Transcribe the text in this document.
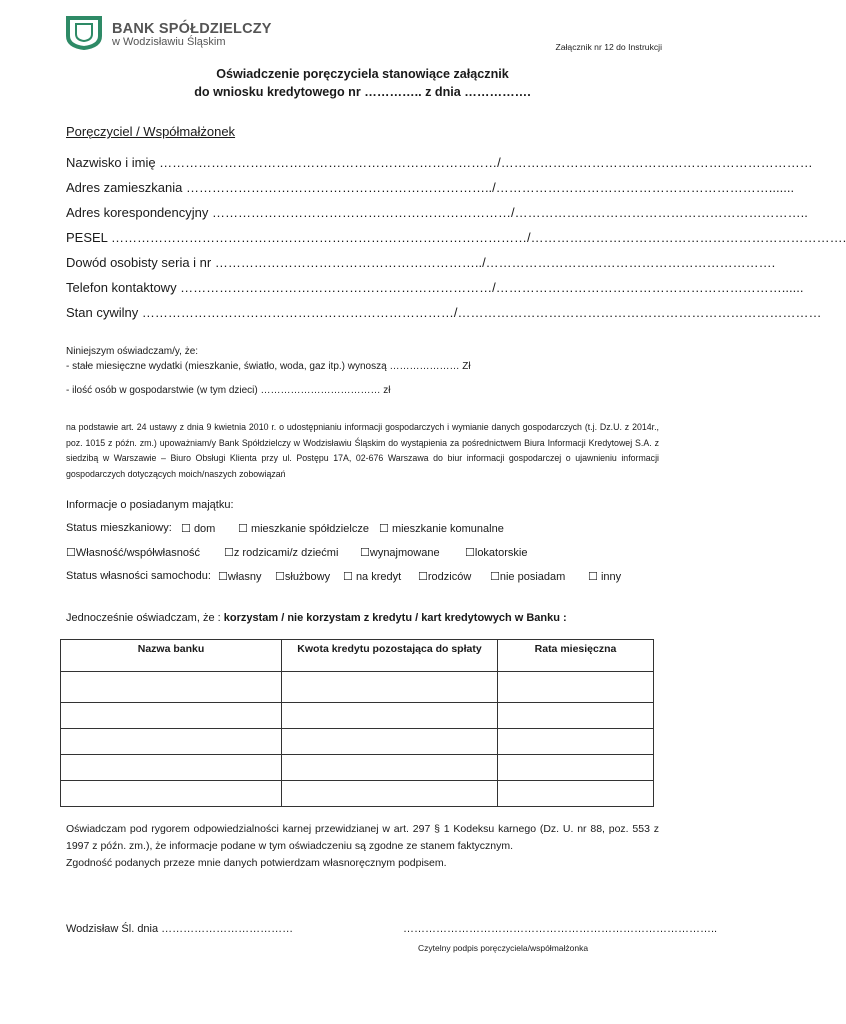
BANK SPÓŁDZIELCZY
w Wodzisławiu Śląskim	Załącznik nr 12 do Instrukcji
Oświadczenie poręczyciela stanowiące załącznik
do wniosku kredytowego nr ………….. z dnia …………….
Poręczyciel / Współmałżonek
Nazwisko i imię ……………………………………………………………………/………………………………………………………………
Adres zamieszkania ……………………………………………………………../……………………………………………………….......
Adres korespondencyjny ……………………………………………………………/…………………………………………………………..
PESEL ……………………………………………………………………………………/……………………………………………………………….
Dowód osobisty seria i nr ……………………………………………………../………………………………………………………….
Telefon kontaktowy ………………………………………………………………/…………………………………………………………......
Stan cywilny ………………………………………………………………/…………………………………………………………………………
Niniejszym oświadczam/y, że:
- stałe miesięczne wydatki (mieszkanie, światło, woda, gaz itp.) wynoszą ………………… Zł
- ilość osób w gospodarstwie (w tym dzieci) ……………………………… zł
na podstawie art. 24 ustawy z dnia 9 kwietnia 2010 r. o udostępnianiu informacji gospodarczych i wymianie danych gospodarczych (t.j. Dz.U. z 2014r., poz. 1015 z późn. zm.) upoważniam/y Bank Spółdzielczy w Wodzisławiu Śląskim do wystąpienia za pośrednictwem Biura Informacji Kredytowej S.A. z siedzibą w Warszawie – Biuro Obsługi Klienta przy ul. Postępu 17A, 02-676 Warszawa do biur informacji gospodarczej o ujawnieniu informacji gospodarczych dotyczących moich/naszych zobowiązań
Informacje o posiadanym majątku:
Status mieszkaniowy: ☐ dom ☐ mieszkanie spółdzielcze ☐ mieszkanie komunalne
☐Własność/współwłasność ☐z rodzicami/z dziećmi ☐wynajmowane ☐lokatorskie
Status własności samochodu: ☐własny ☐służbowy ☐ na kredyt ☐rodziców ☐nie posiadam ☐ inny
Jednocześnie oświadczam, że : korzystam / nie korzystam z kredytu / kart kredytowych w Banku :
Nazwa banku	Kwota kredytu pozostająca do spłaty	Rata miesięczna

Oświadczam pod rygorem odpowiedzialności karnej przewidzianej w art. 297 § 1 Kodeksu karnego (Dz. U. nr 88, poz. 553 z 1997 z późn. zm.), że informacje podane w tym oświadczeniu są zgodne ze stanem faktycznym.
Zgodność podanych przeze mnie danych potwierdzam własnoręcznym podpisem.
Wodzisław Śl. dnia ………………………………	…………………………………………………………………………..
Czytelny podpis poręczyciela/współmałżonka
